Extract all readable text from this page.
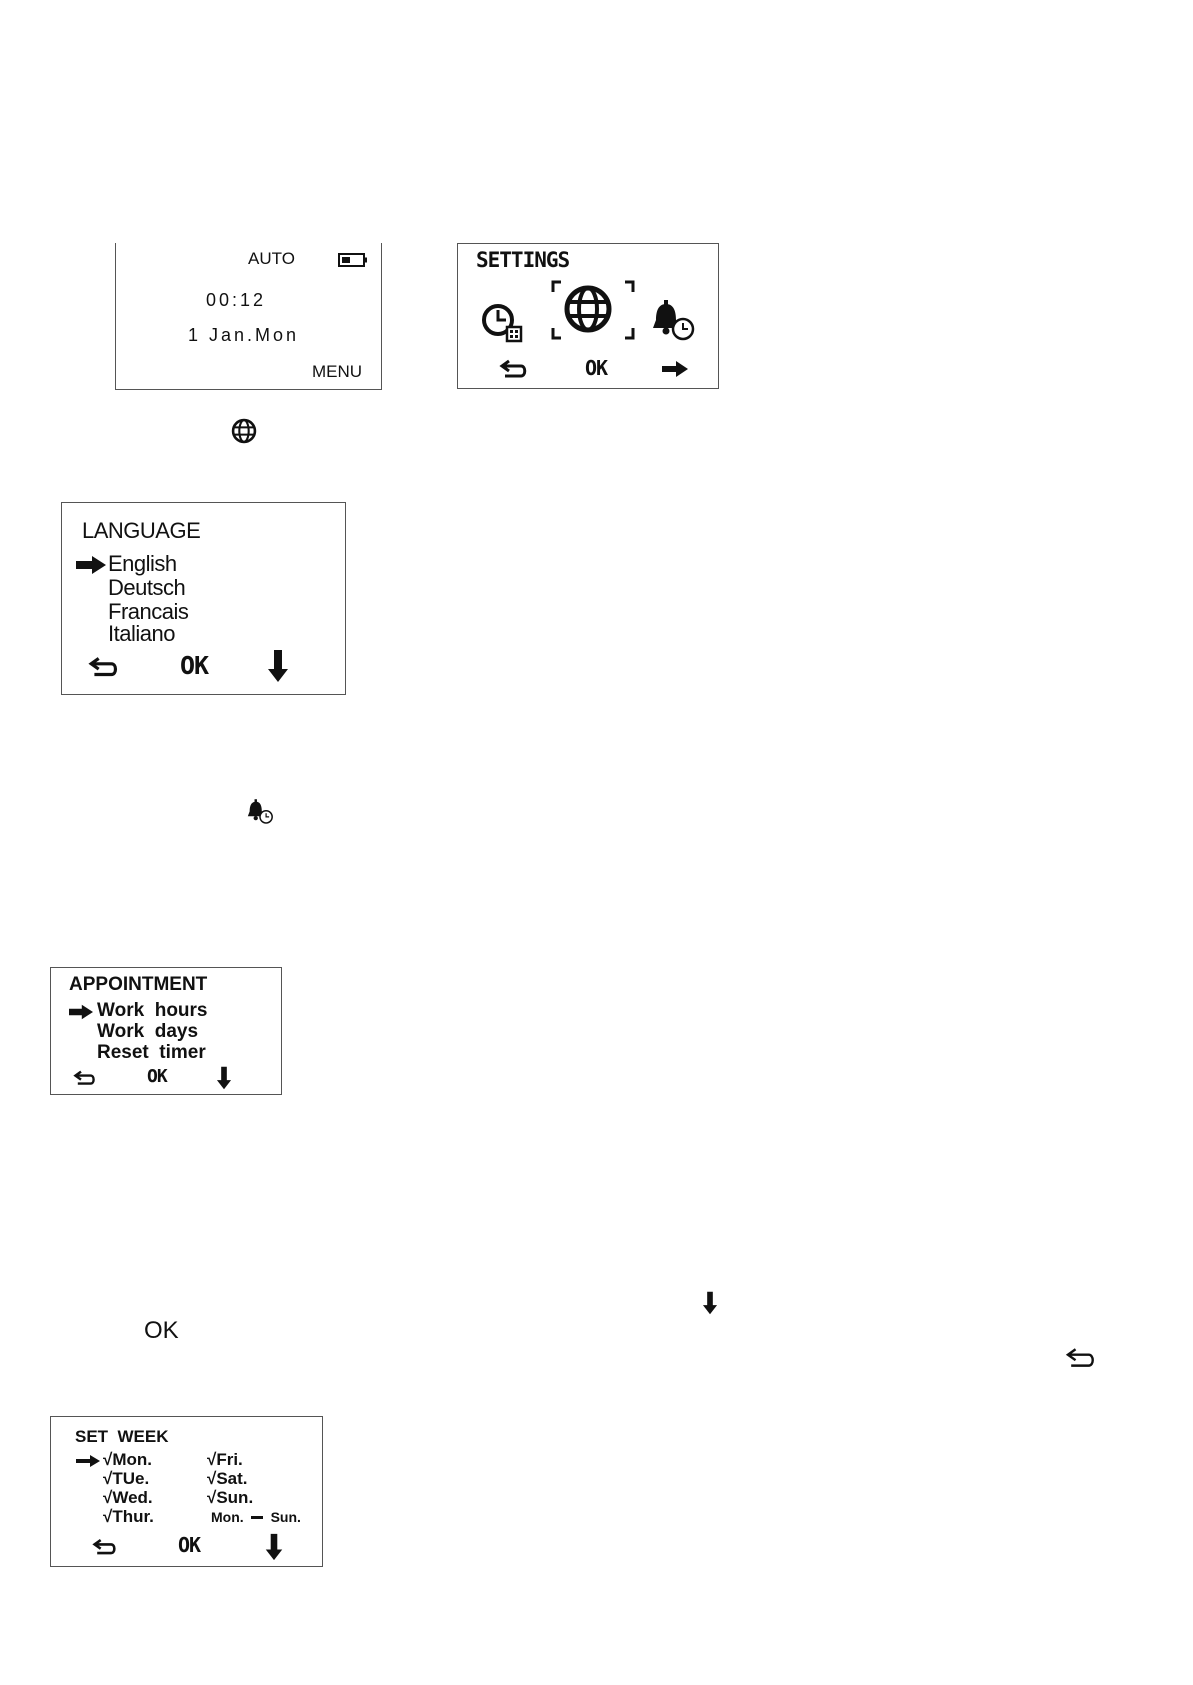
AUTO
00:12
1 Jan.Mon
MENU
SETTINGS
OK
LANGUAGE
English
Deutsch
Francais
Italiano
OK
APPOINTMENT
Work  hours
Work  days
Reset  timer
OK
OK
SET  WEEK
√Mon.
√TUe.
√Wed.
√Thur.
√Fri.
√Sat.
√Sun.
Mon. Sun.
OK
